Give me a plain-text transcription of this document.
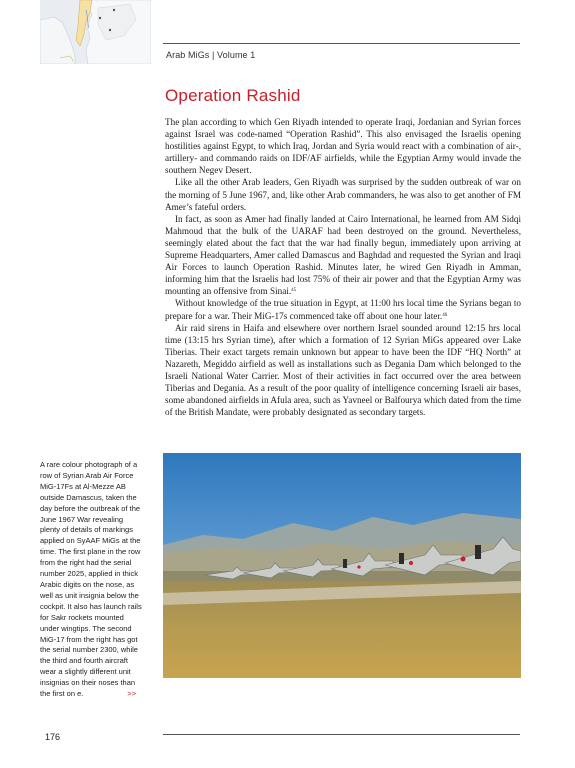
Arab MiGs | Volume 1
Operation Rashid

The plan according to which Gen Riyadh intended to operate Iraqi, Jordanian and Syrian forces against Israel was code-named “Operation Rashid”. This also envisaged the Israelis opening hostilities against Egypt, to which Iraq, Jordan and Syria would react with a combination of air-, artillery- and commando raids on IDF/AF airfields, while the Egyptian Army would invade the southern Negev Desert.

Like all the other Arab leaders, Gen Riyadh was surprised by the sudden outbreak of war on the morning of 5 June 1967, and, like other Arab commanders, he was also to get another of FM Amer’s fateful orders.

In fact, as soon as Amer had finally landed at Cairo International, he learned from AM Sidqi Mahmoud that the bulk of the UARAF had been destroyed on the ground. Nevertheless, seemingly elated about the fact that the war had finally begun, immediately upon arriving at Supreme Headquarters, Amer called Damascus and Baghdad and requested the Syrian and Iraqi Air Forces to launch Operation Rashid. Minutes later, he wired Gen Riyadh in Amman, informing him that the Israelis had lost 75% of their air power and that the Egyptian Army was mounting an offensive from Sinai.$^{45}$

Without knowledge of the true situation in Egypt, at 11:00 hrs local time the Syrians began to prepare for a war. Their MiG-17s commenced take off about one hour later.$^{46}$

Air raid sirens in Haifa and elsewhere over northern Israel sounded around 12:15 hrs local time (13:15 hrs Syrian time), after which a formation of 12 Syrian MiGs appeared over Lake Tiberias. Their exact targets remain unknown but appear to have been the IDF “HQ North” at Nazareth, Megiddo airfield as well as installations such as Degania Dam which belonged to the Israeli National Water Carrier. Most of their activities in fact occurred over the area between Tiberias and Degania. As a result of the poor quality of intelligence concerning Israeli air bases, some abandoned airfields in Afula area, such as Yavneel or Balfourya which dated from the time of the British Mandate, were probably designated as secondary targets.

A rare colour photograph of a row of Syrian Arab Air Force MiG-17Fs at Al-Mezze AB outside Damascus, taken the day before the outbreak of the June 1967 War revealing plenty of details of markings applied on SyAAF MiGs at the time. The first plane in the row from the right had the serial number 2025, applied in thick Arabic digits on the nose, as well as unit insignia below the cockpit. It also has launch rails for Sakr rockets mounted under wingtips. The second MiG-17 from the right has got the serial number 2300, while the third and fourth aircraft wear a slightly different unit insignias on their noses than the first on e.	>>
176
